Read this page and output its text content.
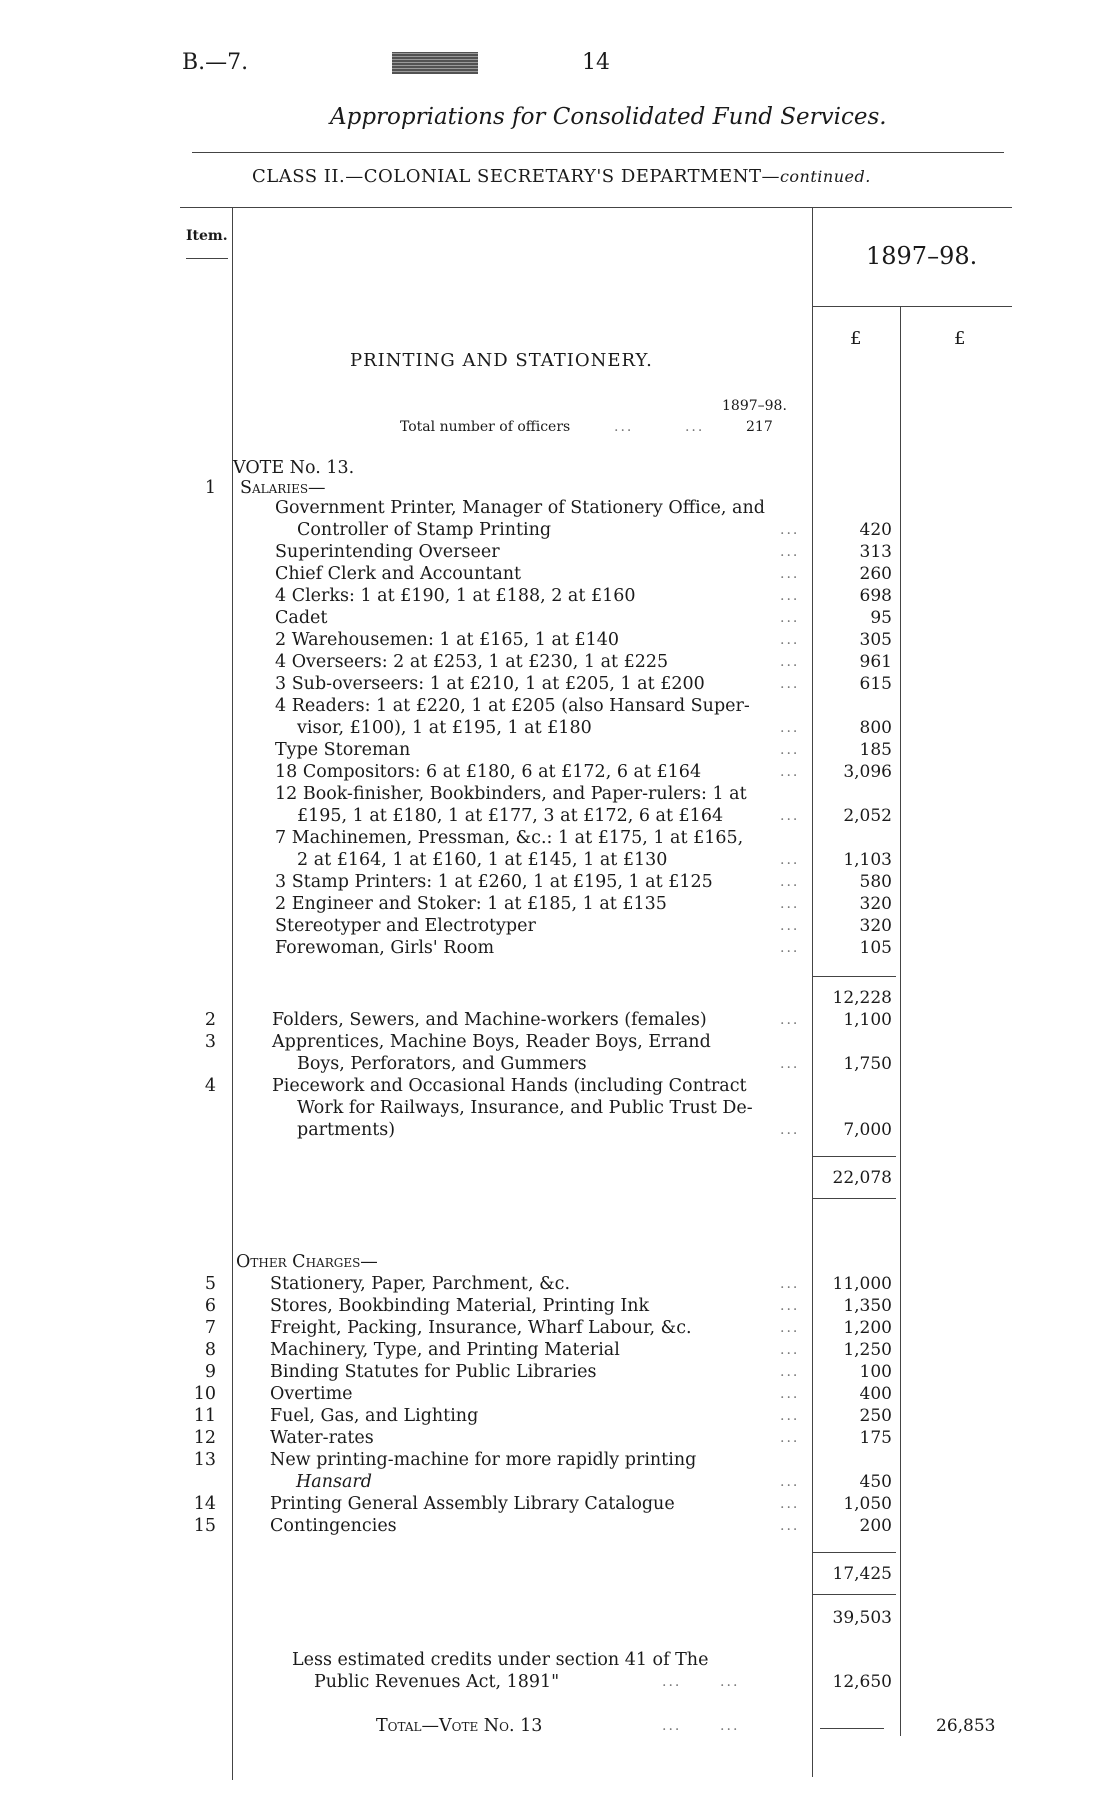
B.—7.	14
Appropriations for Consolidated Fund Services.
CLASS II.—COLONIAL SECRETARY'S DEPARTMENT—continued.
Item.
1897–98.
£	£
PRINTING AND STATIONERY.
1897–98.
Total number of officers	...        ...	217
VOTE No. 13.
1 Salaries—
Government Printer, Manager of Stationery Office, and
Controller of Stamp Printing	...	420
Superintending Overseer	...	313
Chief Clerk and Accountant	...	260
4 Clerks: 1 at £190, 1 at £188, 2 at £160	...	698
Cadet	...	95
2 Warehousemen: 1 at £165, 1 at £140	...	305
4 Overseers: 2 at £253, 1 at £230, 1 at £225	...	961
3 Sub-overseers: 1 at £210, 1 at £205, 1 at £200	...	615
4 Readers: 1 at £220, 1 at £205 (also Hansard Super-
visor, £100), 1 at £195, 1 at £180	...	800
Type Storeman	...	185
18 Compositors: 6 at £180, 6 at £172, 6 at £164	...	3,096
12 Book-finisher, Bookbinders, and Paper-rulers: 1 at
£195, 1 at £180, 1 at £177, 3 at £172, 6 at £164	...	2,052
7 Machinemen, Pressman, &c.: 1 at £175, 1 at £165,
2 at £164, 1 at £160, 1 at £145, 1 at £130	...	1,103
3 Stamp Printers: 1 at £260, 1 at £195, 1 at £125	...	580
2 Engineer and Stoker: 1 at £185, 1 at £135	...	320
Stereotyper and Electrotyper	...	320
Forewoman, Girls' Room	...	105
12,228
2	Folders, Sewers, and Machine-workers (females)	...	1,100
3	Apprentices, Machine Boys, Reader Boys, Errand
Boys, Perforators, and Gummers	...	1,750
4	Piecework and Occasional Hands (including Contract
Work for Railways, Insurance, and Public Trust De-
partments)	...	7,000
22,078
Other Charges—
5	Stationery, Paper, Parchment, &c.	... 11,000
6	Stores, Bookbinding Material, Printing Ink	...	1,350
7	Freight, Packing, Insurance, Wharf Labour, &c.	...	1,200
8	Machinery, Type, and Printing Material	...	1,250
9	Binding Statutes for Public Libraries	...	100
10	Overtime	...	400
11	Fuel, Gas, and Lighting	...	250
12	Water-rates	...	175
13	New printing-machine for more rapidly printing
Hansard	...	450
14	Printing General Assembly Library Catalogue	...	1,050
15	Contingencies	...	200
17,425
39,503
Less estimated credits under section 41 of The
Public Revenues Act, 1891"	...      ...	12,650
Total—Vote No. 13	...      ...	26,853
